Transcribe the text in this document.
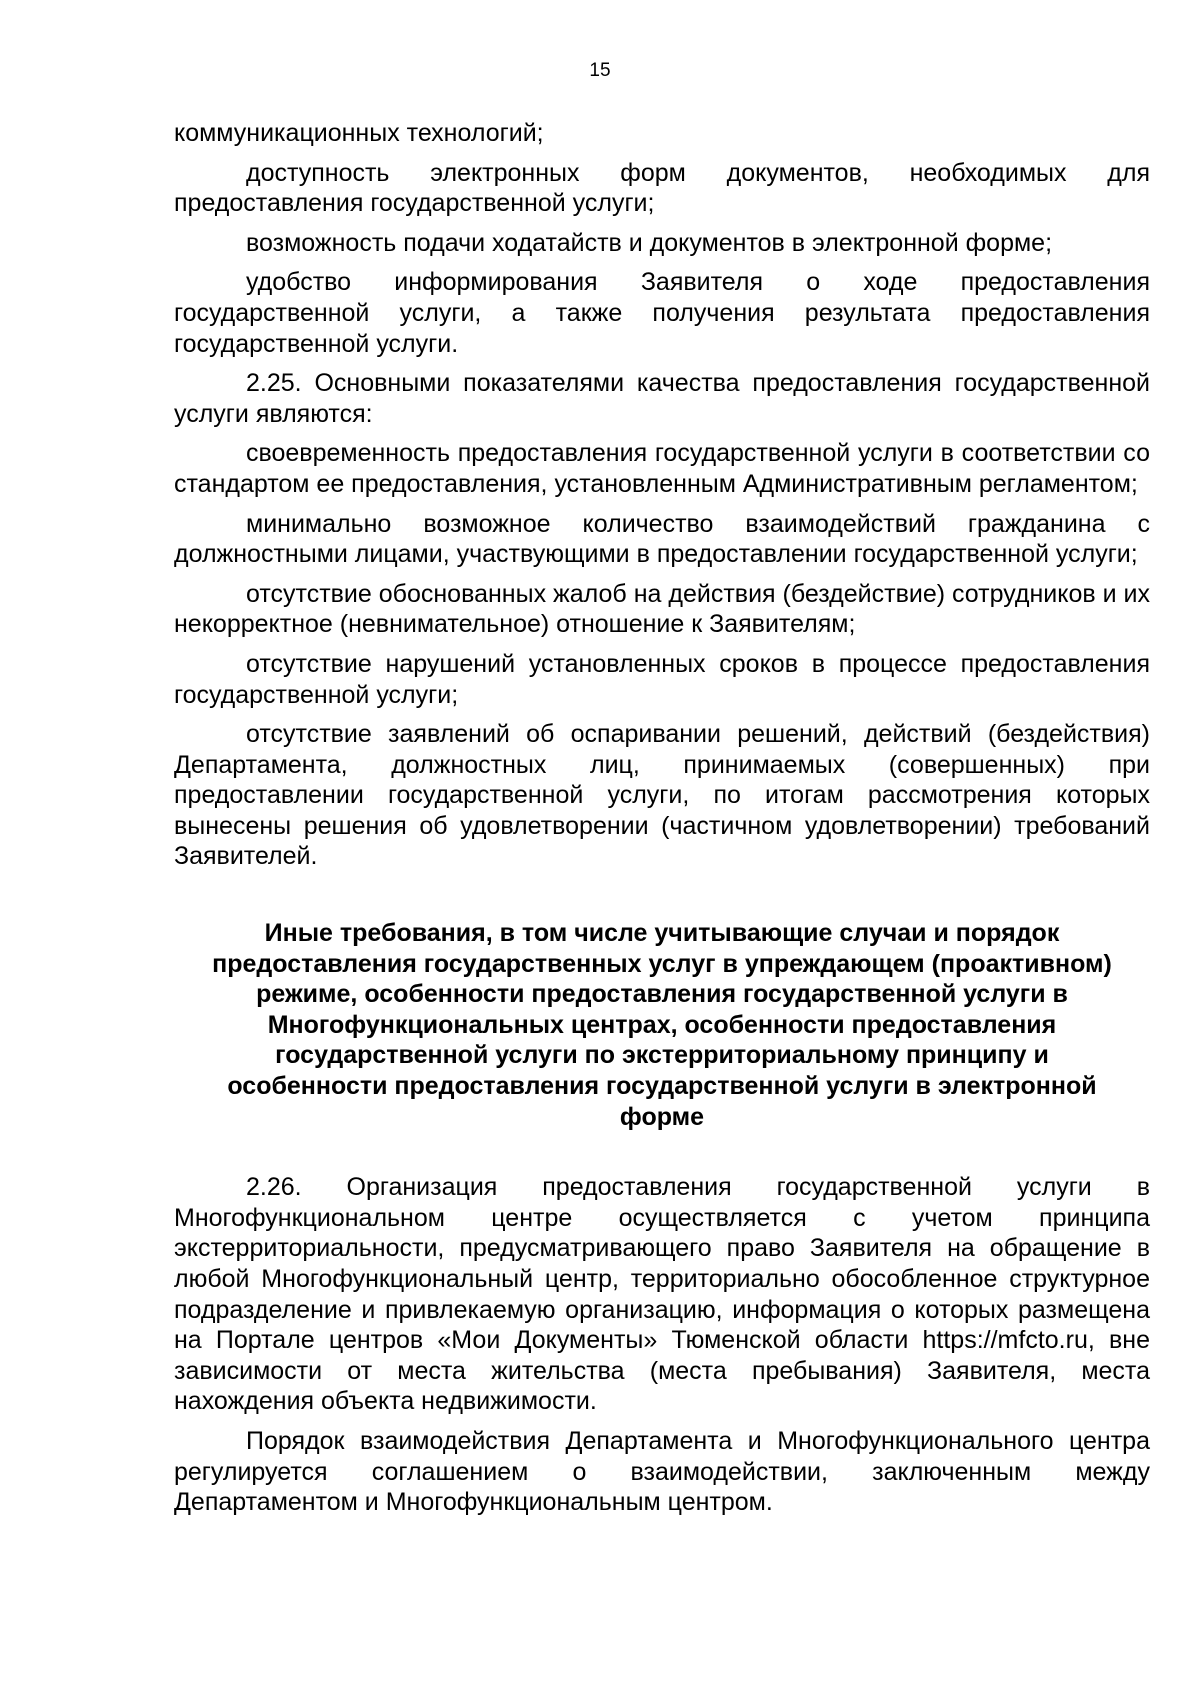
15

коммуникационных технологий;

доступность электронных форм документов, необходимых для предоставления государственной услуги;

возможность подачи ходатайств и документов в электронной форме;

удобство информирования Заявителя о ходе предоставления государственной услуги, а также получения результата предоставления государственной услуги.

2.25. Основными показателями качества предоставления государственной услуги являются:

своевременность предоставления государственной услуги в соответствии со стандартом ее предоставления, установленным Административным регламентом;

минимально возможное количество взаимодействий гражданина с должностными лицами, участвующими в предоставлении государственной услуги;

отсутствие обоснованных жалоб на действия (бездействие) сотрудников и их некорректное (невнимательное) отношение к Заявителям;

отсутствие нарушений установленных сроков в процессе предоставления государственной услуги;

отсутствие заявлений об оспаривании решений, действий (бездействия) Департамента, должностных лиц, принимаемых (совершенных) при предоставлении государственной услуги, по итогам рассмотрения которых вынесены решения об удовлетворении (частичном удовлетворении) требований Заявителей.

Иные требования, в том числе учитывающие случаи и порядок предоставления государственных услуг в упреждающем (проактивном) режиме, особенности предоставления государственной услуги в Многофункциональных центрах, особенности предоставления государственной услуги по экстерриториальному принципу и особенности предоставления государственной услуги в электронной форме

2.26. Организация предоставления государственной услуги в Многофункциональном центре осуществляется с учетом принципа экстерриториальности, предусматривающего право Заявителя на обращение в любой Многофункциональный центр, территориально обособленное структурное подразделение и привлекаемую организацию, информация о которых размещена на Портале центров «Мои Документы» Тюменской области https://mfcto.ru, вне зависимости от места жительства (места пребывания) Заявителя, места нахождения объекта недвижимости.

Порядок взаимодействия Департамента и Многофункционального центра регулируется соглашением о взаимодействии, заключенным между Департаментом и Многофункциональным центром.
